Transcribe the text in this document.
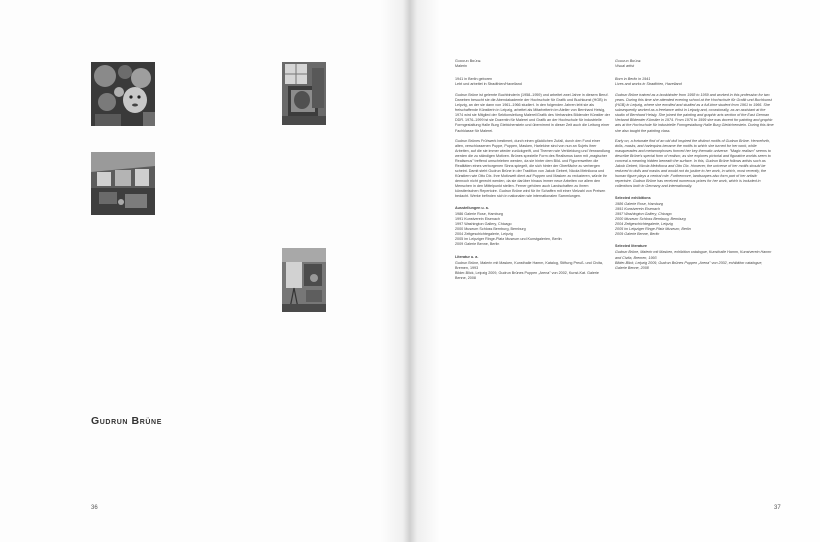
Gudrun Brüne
36	37

Gudrun Brüne

Malerin

1941 in Berlin geboren

Lebt und arbeitet in Stradthien/Havelland

Gudrun Brüne ist gelernte Buchbinderin (1958–1959) und arbeitet zwei Jahre in diesem Beruf. Daneben besucht sie die Abendakademie der Hochschule für Grafik und Buchkunst (HGB) in Leipzig, an der sie dann von 1961–1966 studiert. In den folgenden Jahren lebt sie als freischaffende Künstlerin in Leipzig, arbeitet als Mitarbeiterin im Atelier von Bernhard Heisig, 1974 wird sie Mitglied der Sektionsleitung Malerei/Grafik des Verbandes Bildender Künstler der DDR. 1976–1999 ist sie Dozentin für Malerei und Grafik an der Hochschule für industrielle Formgestaltung Halle Burg Giebichenstein und übernimmt in dieser Zeit auch die Leitung einer Fachklasse für Malerei.

Gudrun Brünes Frühwerk bestimmt, durch einen glücklichen Zufall, durch den Fund einer alten, verschlossenen Puppe, Puppen, Masken, Harlekine sind von nun an Sujets ihrer Arbeiten, auf die sie immer wieder zurückgreift, und Themen wie Verkleidung und Verwandlung werden die zu ständigen Motiven. Brünes spezielle Form des Realismus kann mit „magischer Realismus" treffend umschrieben werden, da sie hinter dem Bild- und Figurenwelten die Realitäten eines verborgenen Sinns spiegelt, die sich hinter der Oberfläche zu verbergen scheint. Damit steht Gudrun Brüne in der Tradition von Jakob Gebert, Nicola Melnikova und Künstlern wie Otto Dix. Ihre Motivwelt dient auf Puppen und Masken zu reduzieren, würde ihr dennoch nicht gerecht werden, da sie darüber hinaus immer neue Arbeiten vor allem den Menschen in den Mittelpunkt stellen. Ferner gehören auch Landschaften zu ihrem künstlerischen Repertoire. Gudrun Brüne wird für ihr Schaffen mit einer Vielzahl von Preisen bedacht. Werke befinden sich in nationalen wie internationalen Sammlungen.

Ausstellungen u. a.

1986 Galerie Rose, Hamburg

1991 Kunstverein Eisenach

1997 Washington Gallery, Chicago

2000 Museum Schloss Bernburg, Bernburg

2004 Zeitgeschichtegalerie, Leipzig

2005 im Leipziger Ringe-Platz Museum und Kunstgalerien, Berlin

2009 Galerie Benne, Berlin

Literatur u. a.

Gudrun Brüne, Malerin mit Masken, Kunsthalle Hamm, Katalog, Stiftung Preuß. und Civita, Bremen, 1993

Bilder-Blick, Leipzig 2009, Gudrun Brünes Puppen „Arena" von 2002, Kunst-Kat. Galerie Benne, 2008

Gudrun Brüne

Visual artist

Born in Berlin in 1941

Lives and works in Stradthien, Havelland

Gudrun Brüne trained as a bookbinder from 1958 to 1959 and worked in this profession for two years. During this time she attended evening school at the Hochschule für Grafik und Buchkunst (HGB) in Leipzig, where she enrolled and studied as a full-time student from 1961 to 1966. She subsequently worked as a freelance artist in Leipzig and, occasionally, as an assistant at the studio of Bernhard Heisig. She joined the painting and graphic arts section of the East German Verband Bildender Künstler in 1974. From 1976 to 1999 she was docent for painting and graphic arts at the Hochschule für industrielle Formgestaltung Halle Burg Giebichenstein. During this time she also taught the painting class.

Early on, a fortunate find of an old doll inspired the distinct motifs of Gudrun Brüne. Henceforth, dolls, masks, and harlequins became the motifs to which she turned for her work, while masquerades and metamorphoses formed her key thematic universe. "Magic realism" seems to describe Brüne's special form of realism, as she explores pictorial and figurative worlds seem to conceal a meaning hidden beneath the surface. In this, Gudrun Brüne follows artists such as Jakob Gebert, Nicola Melnikova and Otto Dix. However, the universe of her motifs should be reduced to dolls and masks and would not do justice to her work, in which, most recently, the human figure plays a central role. Furthermore, landscapes also form part of her artistic repertoire. Gudrun Brüne has received numerous prizes for her work, which is included in collections both in Germany and internationally.

Selected exhibitions

1986 Galerie Rose, Hamburg

1991 Kunstverein Eisenach

1997 Washington Gallery, Chicago

2000 Museum Schloss Bernburg, Bernburg

2004 Zeitgeschichtegalerie, Leipzig

2005 im Leipziger Ringe-Platz Museum, Berlin

2009 Galerie Benne, Berlin

Selected literature

Gudrun Brüne, Malerin mit Masken, exhibition catalogue, Kunsthalle Hamm, Kunstverein Hamm and Civita, Bremen, 1993

Bilder-Blick, Leipzig 2009, Gudrun Brünes Puppen „Arena" von 2002, exhibition catalogue, Galerie Benne, 2008
